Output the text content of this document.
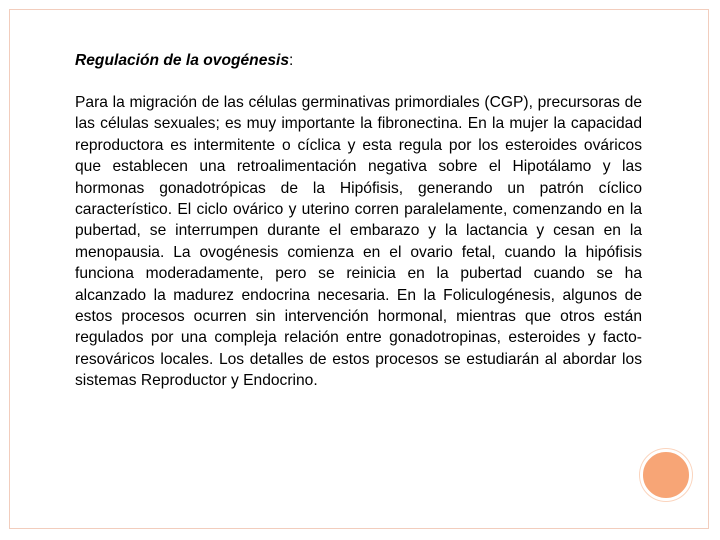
Regulación de la ovogénesis:

Para la migración de las células germinativas primordiales (CGP), precursoras de las células sexuales; es muy importante la fibronectina. En la mujer la capacidad reproductora es intermitente o cíclica y esta regula por los esteroides ováricos que establecen una retroalimentación negativa sobre el Hipotálamo y las hormonas gonadotrópicas de la Hipófisis, generando un patrón cíclico característico. El ciclo ovárico y uterino corren paralelamente, comenzando en la pubertad, se interrumpen durante el embarazo y la lactancia y cesan en la menopausia. La ovogénesis comienza en el ovario fetal, cuando la hipófisis funciona moderadamente, pero se reinicia en la pubertad cuando se ha alcanzado la madurez endocrina necesaria. En la Foliculogénesis, algunos de estos procesos ocurren sin intervención hormonal, mientras que otros están regulados por una compleja relación entre gonadotropinas, esteroides y facto-resováricos locales. Los detalles de estos procesos se estudiarán al abordar los sistemas Reproductor y Endocrino.
